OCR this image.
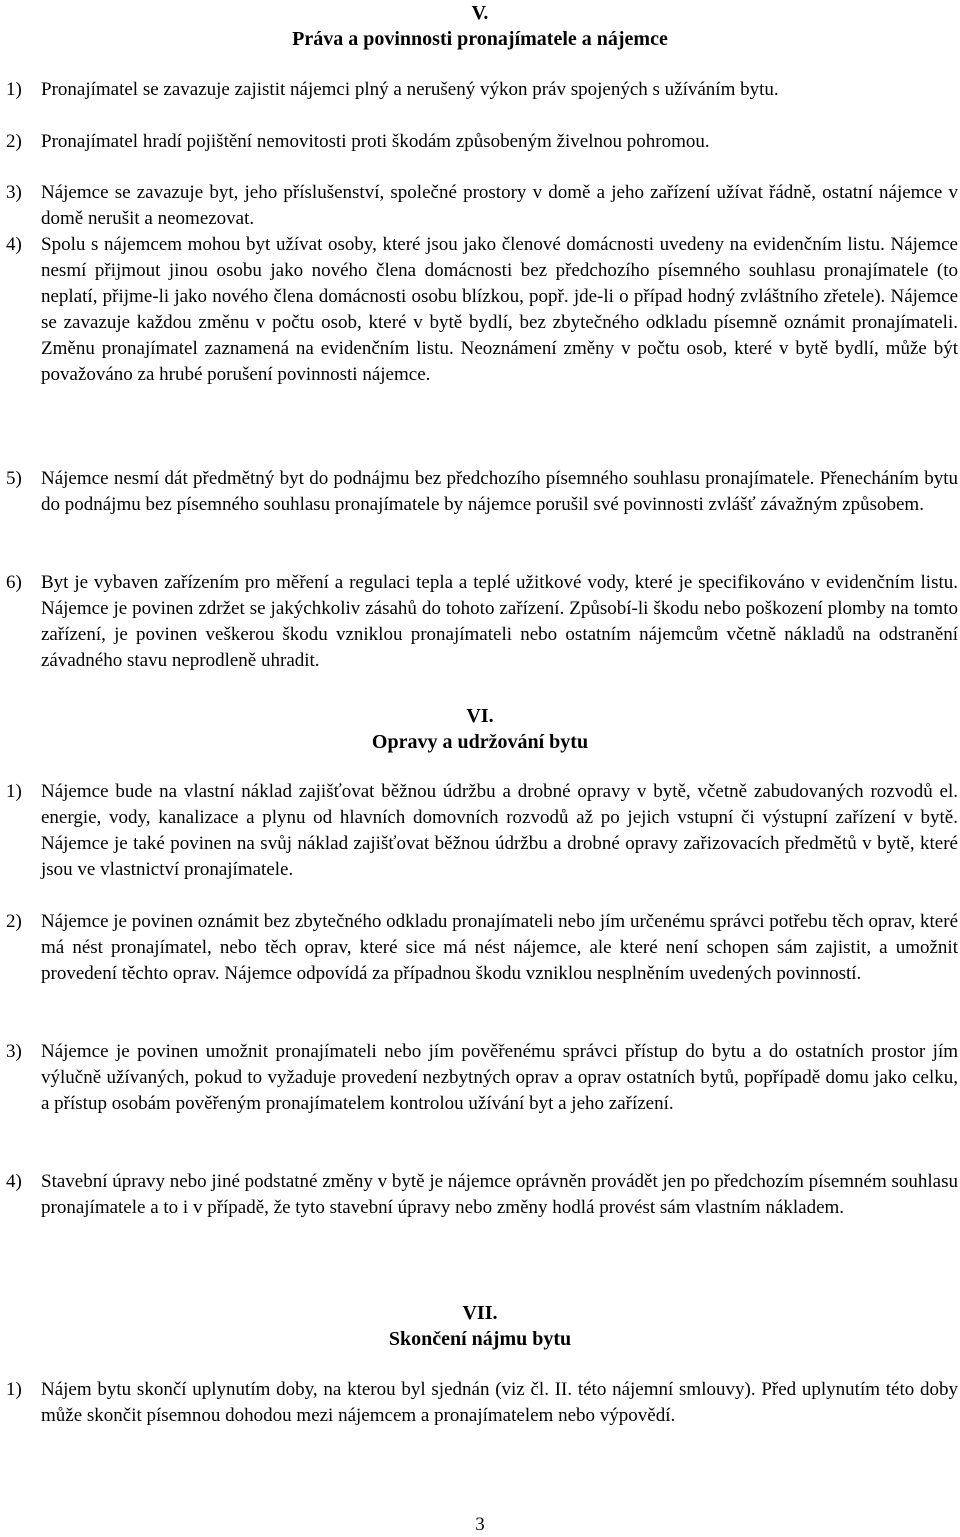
V.
Práva a povinnosti pronajímatele a nájemce
1) Pronajímatel se zavazuje zajistit nájemci plný a nerušený výkon práv spojených s užíváním bytu.
2) Pronajímatel hradí pojištění nemovitosti proti škodám způsobeným živelnou pohromou.
3) Nájemce se zavazuje byt, jeho příslušenství, společné prostory v domě a jeho zařízení užívat řádně, ostatní nájemce v domě nerušit a neomezovat.
4) Spolu s nájemcem mohou byt užívat osoby, které jsou jako členové domácnosti uvedeny na evidenčním listu. Nájemce nesmí přijmout jinou osobu jako nového člena domácnosti bez předchozího písemného souhlasu pronajímatele (to neplatí, přijme-li jako nového člena domácnosti osobu blízkou, popř. jde-li o případ hodný zvláštního zřetele). Nájemce se zavazuje každou změnu v počtu osob, které v bytě bydlí, bez zbytečného odkladu písemně oznámit pronajímateli. Změnu pronajímatel zaznamená na evidenčním listu. Neoznámení změny v počtu osob, které v bytě bydlí, může být považováno za hrubé porušení povinnosti nájemce.
5) Nájemce nesmí dát předmětný byt do podnájmu bez předchozího písemného souhlasu pronajímatele. Přenecháním bytu do podnájmu bez písemného souhlasu pronajímatele by nájemce porušil své povinnosti zvlášť závažným způsobem.
6) Byt je vybaven zařízením pro měření a regulaci tepla a teplé užitkové vody, které je specifikováno v evidenčním listu. Nájemce je povinen zdržet se jakýchkoliv zásahů do tohoto zařízení. Způsobí-li škodu nebo poškození plomby na tomto zařízení, je povinen veškerou škodu vzniklou pronajímateli nebo ostatním nájemcům včetně nákladů na odstranění závadného stavu neprodleně uhradit.
VI.
Opravy a udržování bytu
1) Nájemce bude na vlastní náklad zajišťovat běžnou údržbu a drobné opravy v bytě, včetně zabudovaných rozvodů el. energie, vody, kanalizace a plynu od hlavních domovních rozvodů až po jejich vstupní či výstupní zařízení v bytě. Nájemce je také povinen na svůj náklad zajišťovat běžnou údržbu a drobné opravy zařizovacích předmětů v bytě, které jsou ve vlastnictví pronajímatele.
2) Nájemce je povinen oznámit bez zbytečného odkladu pronajímateli nebo jím určenému správci potřebu těch oprav, které má nést pronajímatel, nebo těch oprav, které sice má nést nájemce, ale které není schopen sám zajistit, a umožnit provedení těchto oprav. Nájemce odpovídá za případnou škodu vzniklou nesplněním uvedených povinností.
3) Nájemce je povinen umožnit pronajímateli nebo jím pověřenému správci přístup do bytu a do ostatních prostor jím výlučně užívaných, pokud to vyžaduje provedení nezbytných oprav a oprav ostatních bytů, popřípadě domu jako celku, a přístup osobám pověřeným pronajímatelem kontrolou užívání byt a jeho zařízení.
4) Stavební úpravy nebo jiné podstatné změny v bytě je nájemce oprávněn provádět jen po předchozím písemném souhlasu pronajímatele a to i v případě, že tyto stavební úpravy nebo změny hodlá provést sám vlastním nákladem.
VII.
Skončení nájmu bytu
1) Nájem bytu skončí uplynutím doby, na kterou byl sjednán (viz čl. II. této nájemní smlouvy). Před uplynutím této doby může skončit písemnou dohodou mezi nájemcem a pronajímatelem nebo výpovědí.
3
